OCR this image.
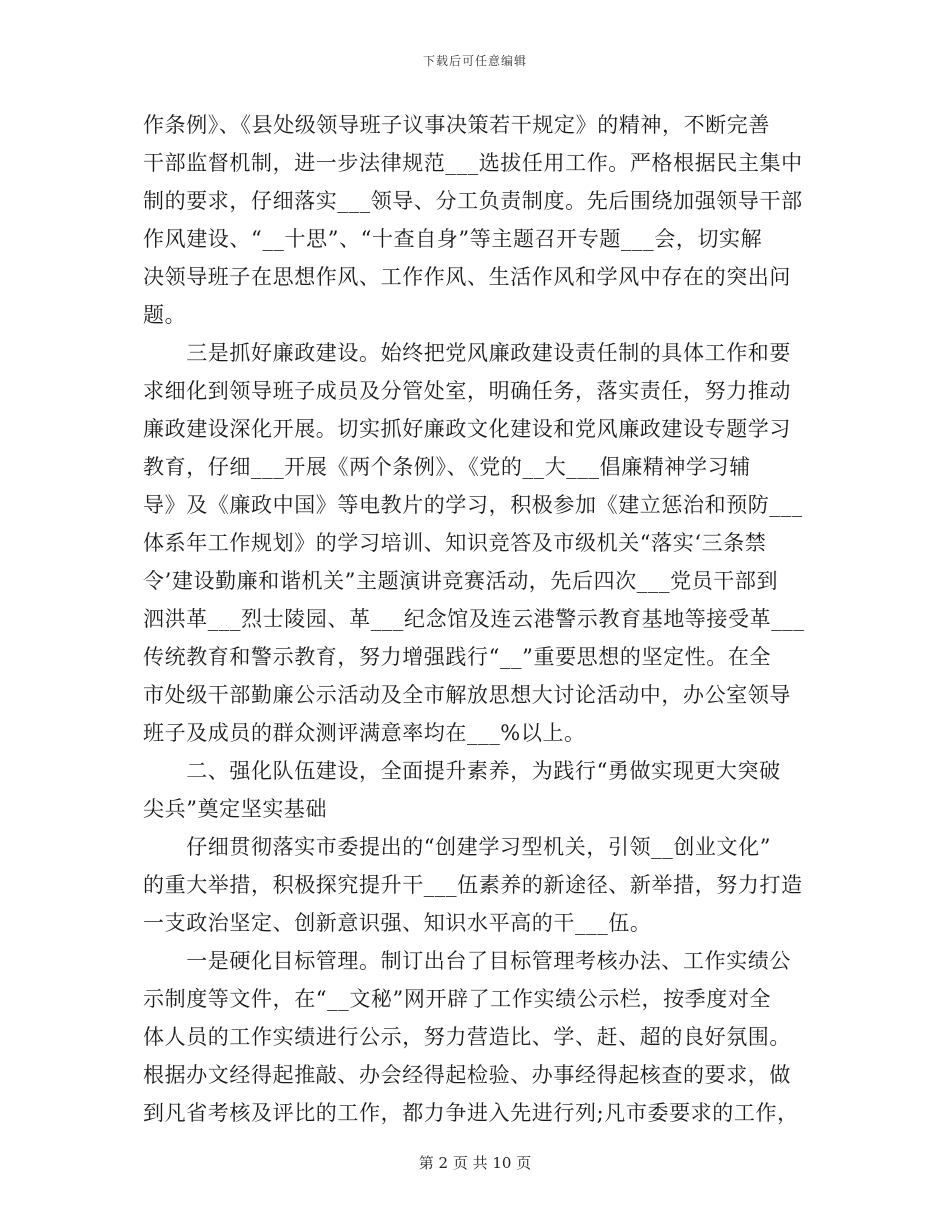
下载后可任意编辑
作条例》、《县处级领导班子议事决策若干规定》的精神，不断完善
干部监督机制，进一步法律规范___选拔任用工作。严格根据民主集中
制的要求，仔细落实___领导、分工负责制度。先后围绕加强领导干部
作风建设、“__十思”、“十查自身”等主题召开专题___会，切实解
决领导班子在思想作风、工作作风、生活作风和学风中存在的突出问
题。
　　三是抓好廉政建设。始终把党风廉政建设责任制的具体工作和要
求细化到领导班子成员及分管处室，明确任务，落实责任，努力推动
廉政建设深化开展。切实抓好廉政文化建设和党风廉政建设专题学习
教育，仔细___开展《两个条例》、《党的__大___倡廉精神学习辅
导》及《廉政中国》等电教片的学习，积极参加《建立惩治和预防___
体系年工作规划》的学习培训、知识竞答及市级机关“落实‘三条禁
令’建设勤廉和谐机关”主题演讲竞赛活动，先后四次___党员干部到
泗洪革___烈士陵园、革___纪念馆及连云港警示教育基地等接受革___
传统教育和警示教育，努力增强践行“__”重要思想的坚定性。在全
市处级干部勤廉公示活动及全市解放思想大讨论活动中，办公室领导
班子及成员的群众测评满意率均在___%以上。
　　二、强化队伍建设，全面提升素养，为践行“勇做实现更大突破
尖兵”奠定坚实基础
　　仔细贯彻落实市委提出的“创建学习型机关，引领__创业文化”
的重大举措，积极探究提升干___伍素养的新途径、新举措，努力打造
一支政治坚定、创新意识强、知识水平高的干___伍。
　　一是硬化目标管理。制订出台了目标管理考核办法、工作实绩公
示制度等文件，在“__文秘”网开辟了工作实绩公示栏，按季度对全
体人员的工作实绩进行公示，努力营造比、学、赶、超的良好氛围。
根据办文经得起推敲、办会经得起检验、办事经得起核查的要求，做
到凡省考核及评比的工作，都力争进入先进行列;凡市委要求的工作，
第 2 页 共 10 页
